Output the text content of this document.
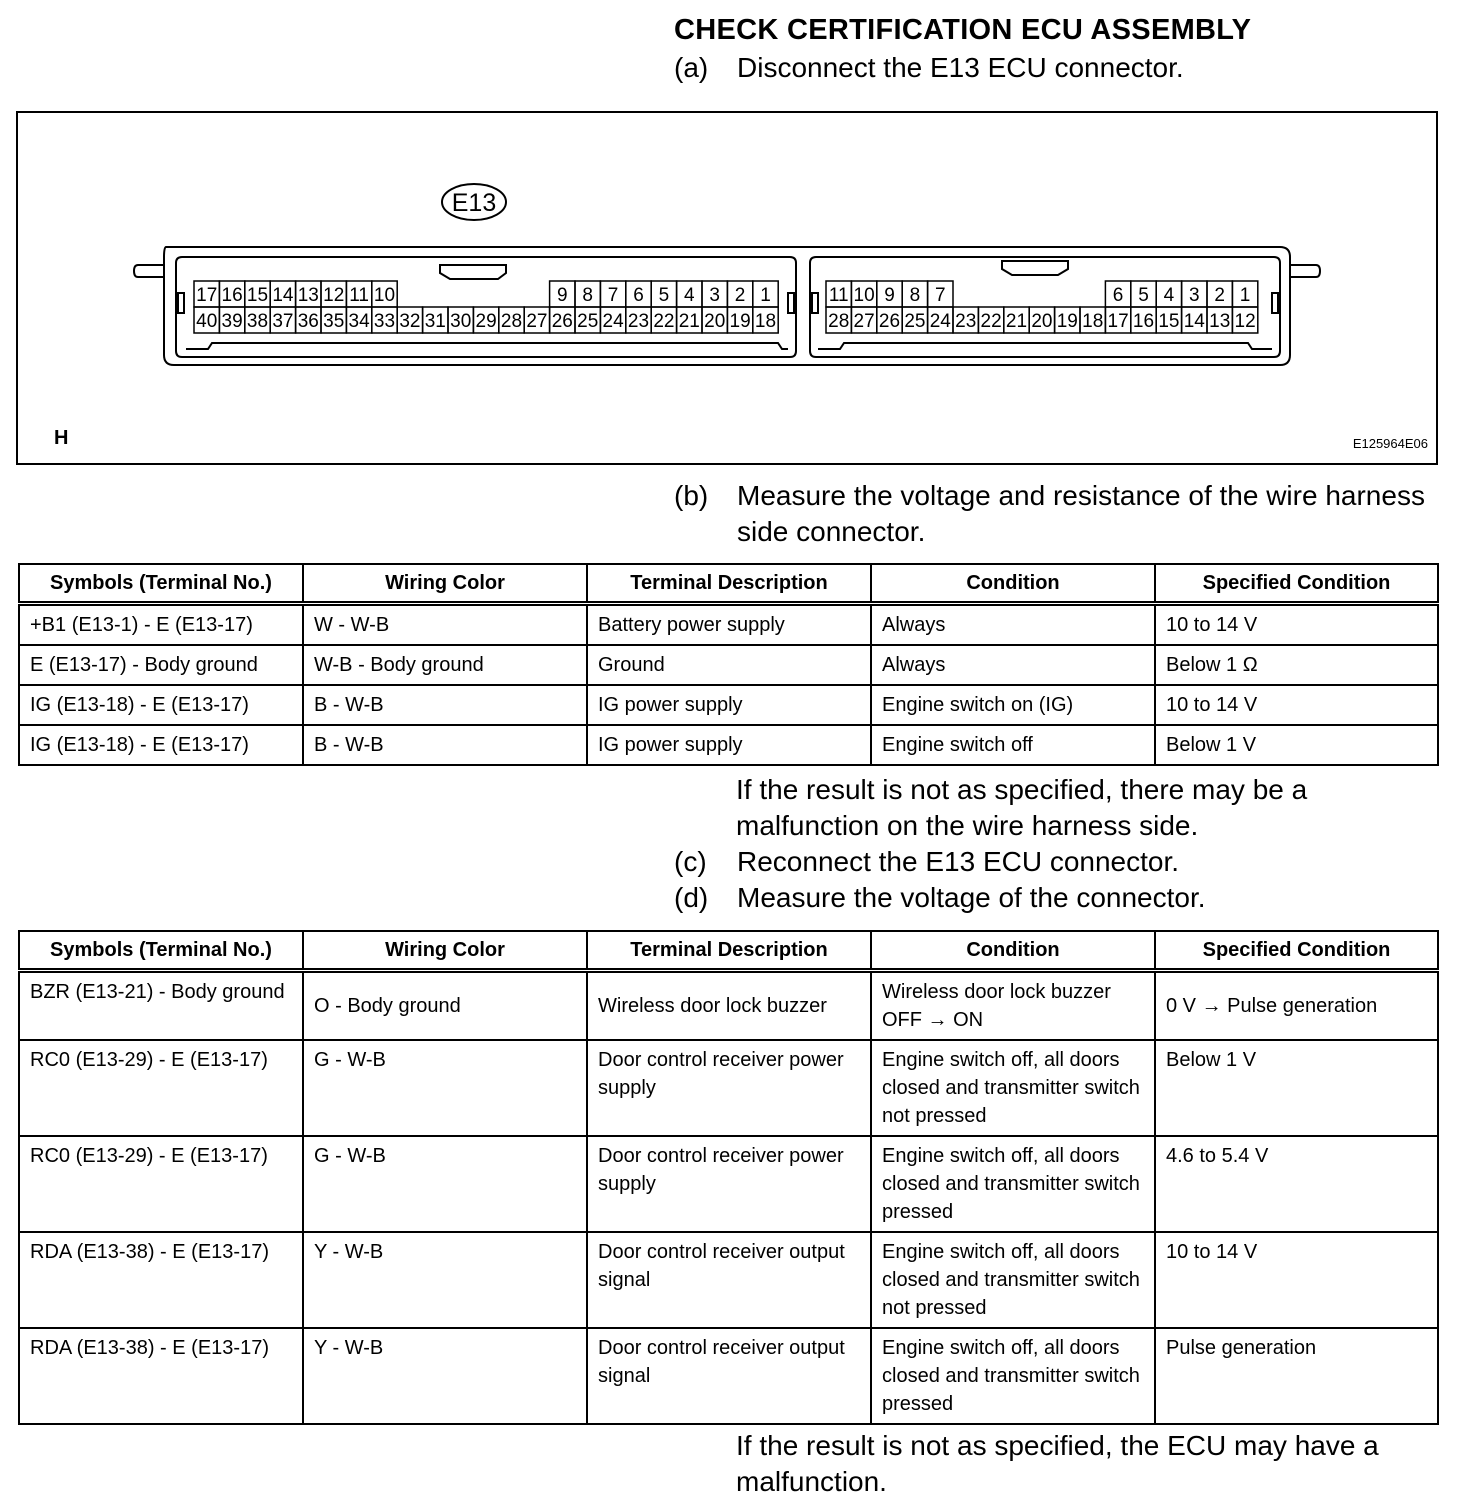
CHECK CERTIFICATION ECU ASSEMBLY
(a) Disconnect the E13 ECU connector.
E13
17 16 15 14 13 12 11 10	9 8 7 6 5 4 3 2 1
40 39 38 37 36 35 34 33 32 31 30 29 28 27 26 25 24 23 22 21 20 19 18
11 10 9 8 7	6 5 4 3 2 1
28 27 26 25 24 23 22 21 20 19 18 17 16 15 14 13 12
H	E125964E06
(b) Measure the voltage and resistance of the wire harness side connector.
Symbols (Terminal No.)	Wiring Color	Terminal Description	Condition	Specified Condition
+B1 (E13-1) - E (E13-17)	W - W-B	Battery power supply	Always	10 to 14 V
E (E13-17) - Body ground	W-B - Body ground	Ground	Always	Below 1 Ω
IG (E13-18) - E (E13-17)	B - W-B	IG power supply	Engine switch on (IG)	10 to 14 V
IG (E13-18) - E (E13-17)	B - W-B	IG power supply	Engine switch off	Below 1 V
If the result is not as specified, there may be a malfunction on the wire harness side.
(c) Reconnect the E13 ECU connector.
(d) Measure the voltage of the connector.
Symbols (Terminal No.)	Wiring Color	Terminal Description	Condition	Specified Condition
BZR (E13-21) - Body ground	O - Body ground	Wireless door lock buzzer	Wireless door lock buzzer OFF → ON	0 V → Pulse generation
RC0 (E13-29) - E (E13-17)	G - W-B	Door control receiver power supply	Engine switch off, all doors closed and transmitter switch not pressed	Below 1 V
RC0 (E13-29) - E (E13-17)	G - W-B	Door control receiver power supply	Engine switch off, all doors closed and transmitter switch pressed	4.6 to 5.4 V
RDA (E13-38) - E (E13-17)	Y - W-B	Door control receiver output signal	Engine switch off, all doors closed and transmitter switch not pressed	10 to 14 V
RDA (E13-38) - E (E13-17)	Y - W-B	Door control receiver output signal	Engine switch off, all doors closed and transmitter switch pressed	Pulse generation
If the result is not as specified, the ECU may have a malfunction.
